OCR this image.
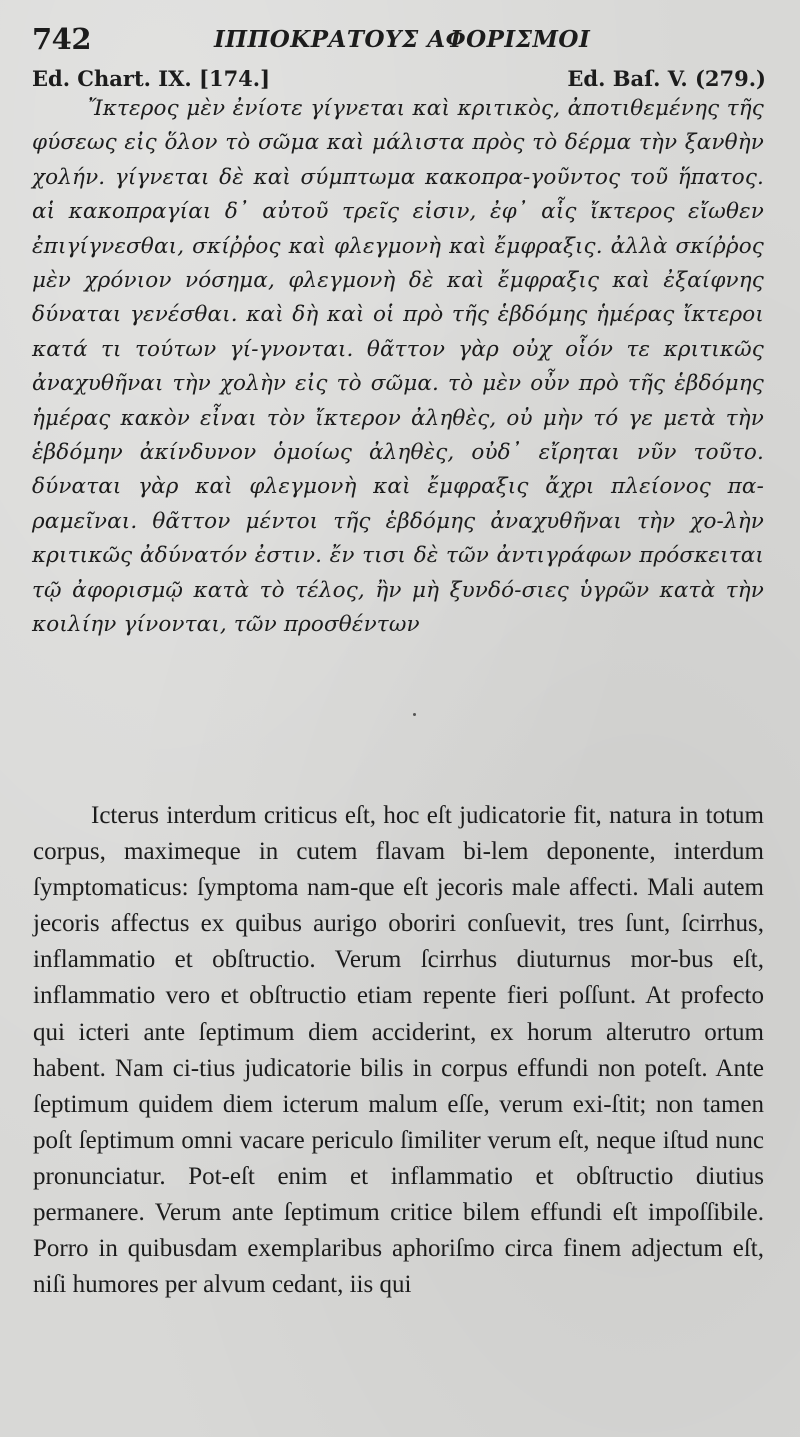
742	ΙΠΠΟΚΡΑΤΟΥΣ ΑΦΟΡΙΣΜΟΙ
Ed. Chart. IX. [174.]	Ed. Baſ. V. (279.)

Ἴκτερος μὲν ἐνίοτε γίγνεται καὶ κριτικὸς, ἀποτιθεμένης τῆς φύσεως εἰς ὅλον τὸ σῶμα καὶ μάλιστα πρὸς τὸ δέρμα τὴν ξανθὴν χολήν. γίγνεται δὲ καὶ σύμπτωμα κακοπρα-γοῦντος τοῦ ἥπατος. αἱ κακοπραγίαι δ᾽ αὐτοῦ τρεῖς εἰσιν, ἐφ᾽ αἷς ἴκτερος εἴωθεν ἐπιγίγνεσθαι, σκίῤῥος καὶ φλεγμονὴ καὶ ἔμφραξις. ἀλλὰ σκίῤῥος μὲν χρόνιον νόσημα, φλεγμονὴ δὲ καὶ ἔμφραξις καὶ ἐξαίφνης δύναται γενέσθαι. καὶ δὴ καὶ οἱ πρὸ τῆς ἑβδόμης ἡμέρας ἴκτεροι κατά τι τούτων γί-γνονται. θᾶττον γὰρ οὐχ οἷόν τε κριτικῶς ἀναχυθῆναι τὴν χολὴν εἰς τὸ σῶμα. τὸ μὲν οὖν πρὸ τῆς ἑβδόμης ἡμέρας κακὸν εἶναι τὸν ἴκτερον ἀληθὲς, οὐ μὴν τό γε μετὰ τὴν ἑβδόμην ἀκίνδυνον ὁμοίως ἀληθὲς, οὐδ᾽ εἴρηται νῦν τοῦτο. δύναται γὰρ καὶ φλεγμονὴ καὶ ἔμφραξις ἄχρι πλείονος πα-ραμεῖναι. θᾶττον μέντοι τῆς ἑβδόμης ἀναχυθῆναι τὴν χο-λὴν κριτικῶς ἀδύνατόν ἐστιν. ἔν τισι δὲ τῶν ἀντιγράφων πρόσκειται τῷ ἀφορισμῷ κατὰ τὸ τέλος, ἢν μὴ ξυνδό-σιες ὑγρῶν κατὰ τὴν κοιλίην γίνονται, τῶν προσθέντων

Icterus interdum criticus eſt, hoc eſt judicatorie fit, natura in totum corpus, maximeque in cutem flavam bi-lem deponente, interdum ſymptomaticus: ſymptoma nam-que eſt jecoris male affecti. Mali autem jecoris affectus ex quibus aurigo oboriri conſuevit, tres ſunt, ſcirrhus, inflammatio et obſtructio. Verum ſcirrhus diuturnus mor-bus eſt, inflammatio vero et obſtructio etiam repente fieri poſſunt. At profecto qui icteri ante ſeptimum diem acciderint, ex horum alterutro ortum habent. Nam ci-tius judicatorie bilis in corpus effundi non poteſt. Ante ſeptimum quidem diem icterum malum eſſe, verum exi-ſtit; non tamen poſt ſeptimum omni vacare periculo ſimiliter verum eſt, neque iſtud nunc pronunciatur. Pot-eſt enim et inflammatio et obſtructio diutius permanere. Verum ante ſeptimum critice bilem effundi eſt impoſſibile. Porro in quibusdam exemplaribus aphoriſmo circa finem adjectum eſt, niſi humores per alvum cedant, iis qui
